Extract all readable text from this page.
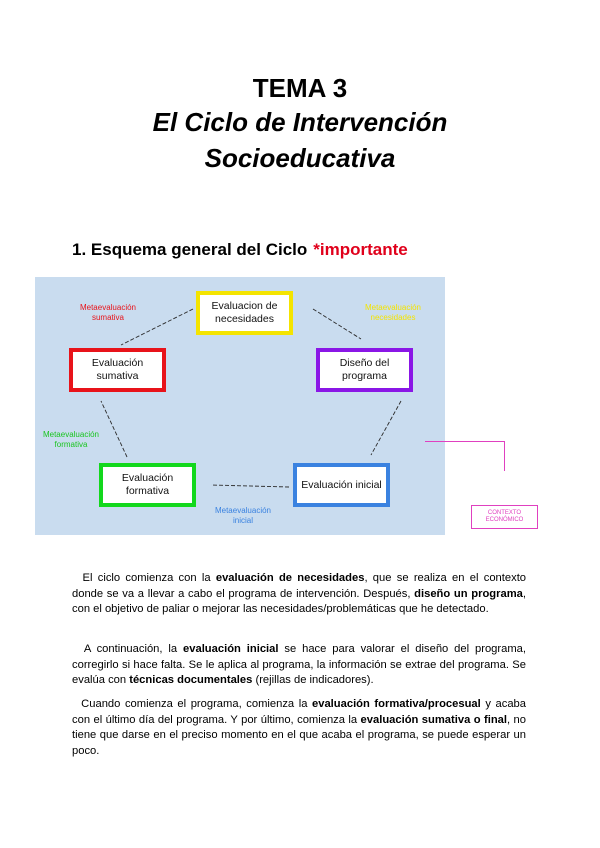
TEMA 3
El Ciclo de Intervención
Socioeducativa
1. Esquema general del Ciclo *importante
Evaluacion de necesidades
Evaluación sumativa
Diseño del programa
Evaluación formativa
Evaluación inicial
Metaevaluación sumativa
Metaevaluación necesidades
Metaevaluación formativa
Metaevaluación inicial
CONTEXTO ECONÓMICO

El ciclo comienza con la evaluación de necesidades, que se realiza en el contexto donde se va a llevar a cabo el programa de intervención. Después, diseño un programa, con el objetivo de paliar o mejorar las necesidades/problemáticas que he detectado.

A continuación, la evaluación inicial se hace para valorar el diseño del programa, corregirlo si hace falta. Se le aplica al programa, la información se extrae del programa. Se evalúa con técnicas documentales (rejillas de indicadores).

Cuando comienza el programa, comienza la evaluación formativa/procesual y acaba con el último día del programa. Y por último, comienza la evaluación sumativa o final, no tiene que darse en el preciso momento en el que acaba el programa, se puede esperar un poco.
